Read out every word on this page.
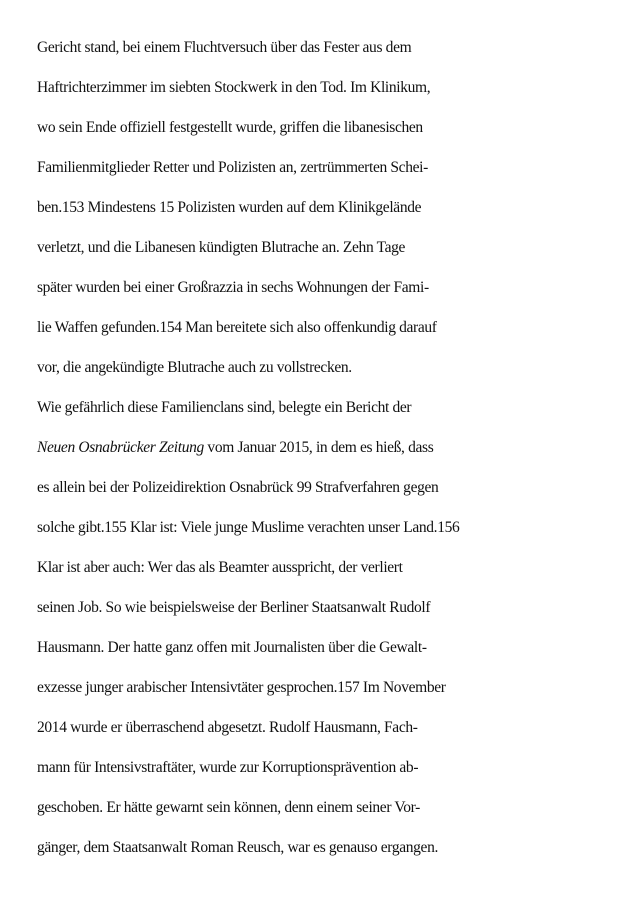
Gericht stand, bei einem Fluchtversuch über das Fester aus dem
Haftrichterzimmer im siebten Stockwerk in den Tod. Im Klinikum,
wo sein Ende offiziell festgestellt wurde, griffen die libanesischen
Familienmitglieder Retter und Polizisten an, zertrümmerten Schei-
ben.153 Mindestens 15 Polizisten wurden auf dem Klinikgelände
verletzt, und die Libanesen kündigten Blutrache an. Zehn Tage
später wurden bei einer Großrazzia in sechs Wohnungen der Fami-
lie Waffen gefunden.154 Man bereitete sich also offenkundig darauf
vor, die angekündigte Blutrache auch zu vollstrecken.
Wie gefährlich diese Familienclans sind, belegte ein Bericht der
Neuen Osnabrücker Zeitung vom Januar 2015, in dem es hieß, dass
es allein bei der Polizeidirektion Osnabrück 99 Strafverfahren gegen
solche gibt.155 Klar ist: Viele junge Muslime verachten unser Land.156
Klar ist aber auch: Wer das als Beamter ausspricht, der verliert
seinen Job. So wie beispielsweise der Berliner Staatsanwalt Rudolf
Hausmann. Der hatte ganz offen mit Journalisten über die Gewalt-
exzesse junger arabischer Intensivtäter gesprochen.157 Im November
2014 wurde er überraschend abgesetzt. Rudolf Hausmann, Fach-
mann für Intensivstraftäter, wurde zur Korruptionsprävention ab-
geschoben. Er hätte gewarnt sein können, denn einem seiner Vor-
gänger, dem Staatsanwalt Roman Reusch, war es genauso ergangen.
